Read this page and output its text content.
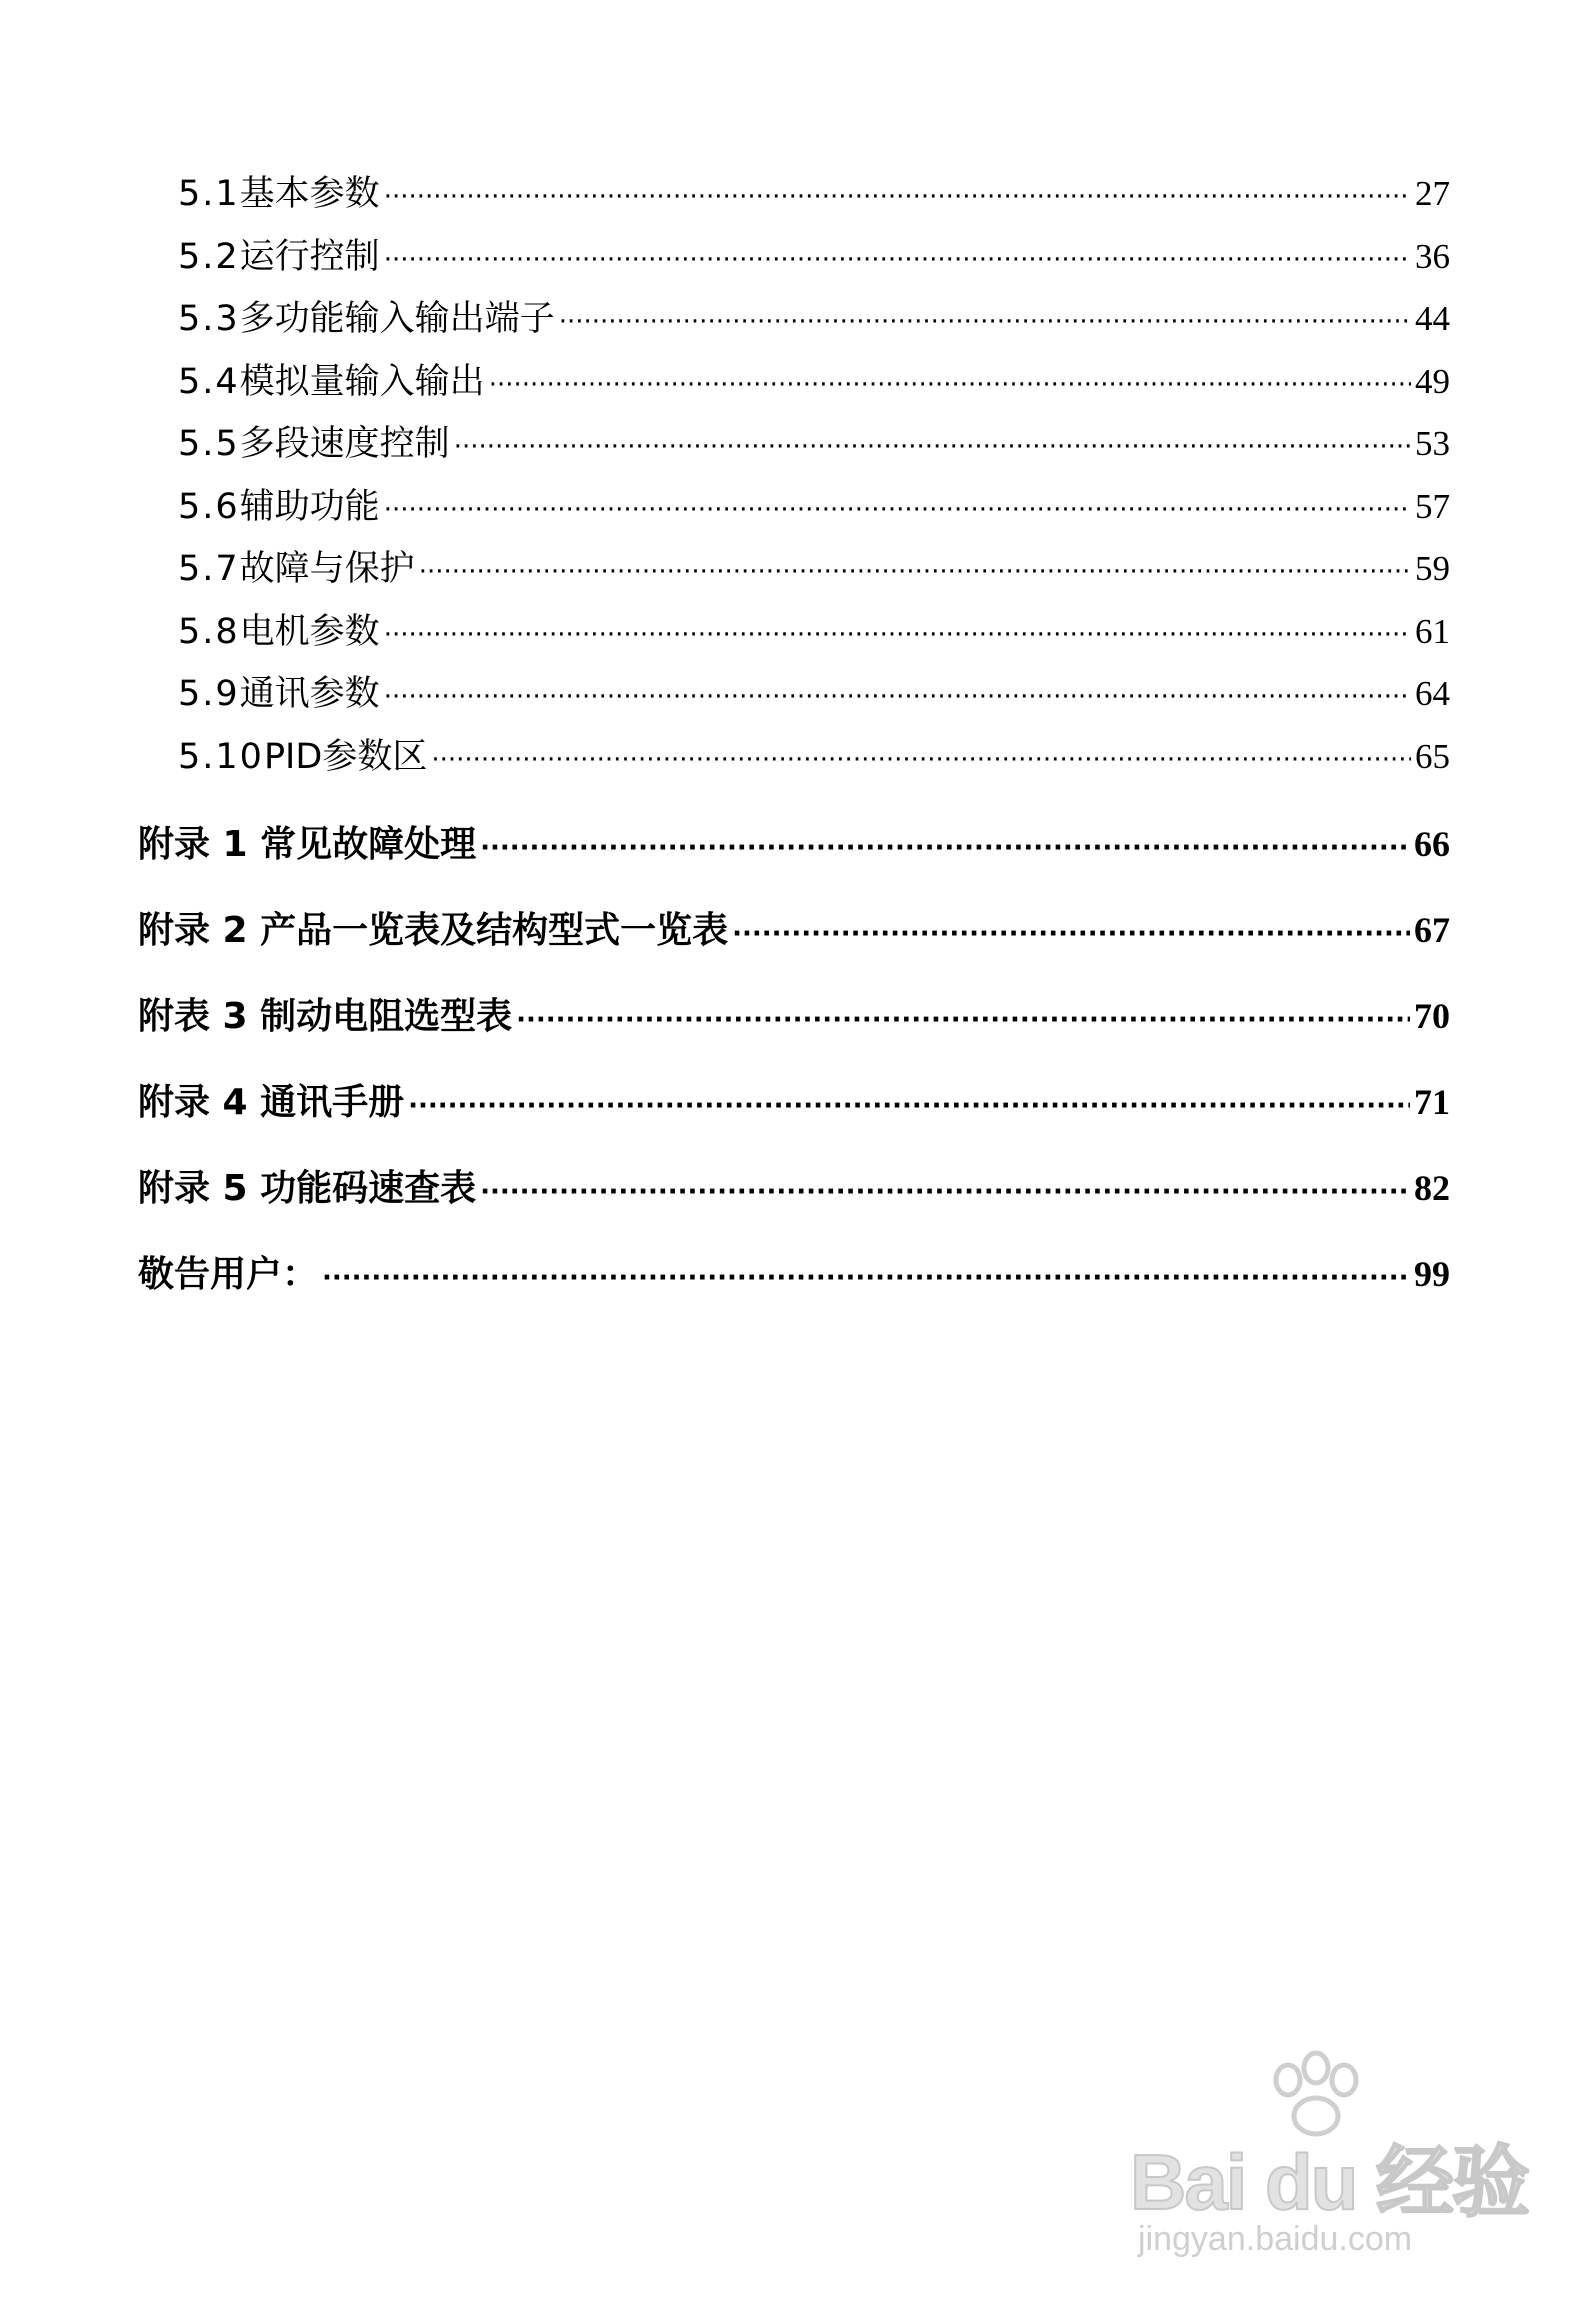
5.1 基本参数 ·····	27
5.2 运行控制 ·····	36
5.3 多功能输入输出端子 ·····	44
5.4 模拟量输入输出 ·····	49
5.5 多段速度控制 ·····	53
5.6 辅助功能 ·····	57
5.7 故障与保护 ·····	59
5.8 电机参数 ·····	61
5.9 通讯参数 ·····	64
5.10 PID参数区 ·····	65
附录 1 常见故障处理 ·····	66
附录 2 产品一览表及结构型式一览表 ·····	67
附表 3 制动电阻选型表 ·····	70
附录 4 通讯手册 ·····	71
附录 5 功能码速查表 ·····	82
敬告用户： ·····	99
Bai du 经验
jingyan.baidu.com
